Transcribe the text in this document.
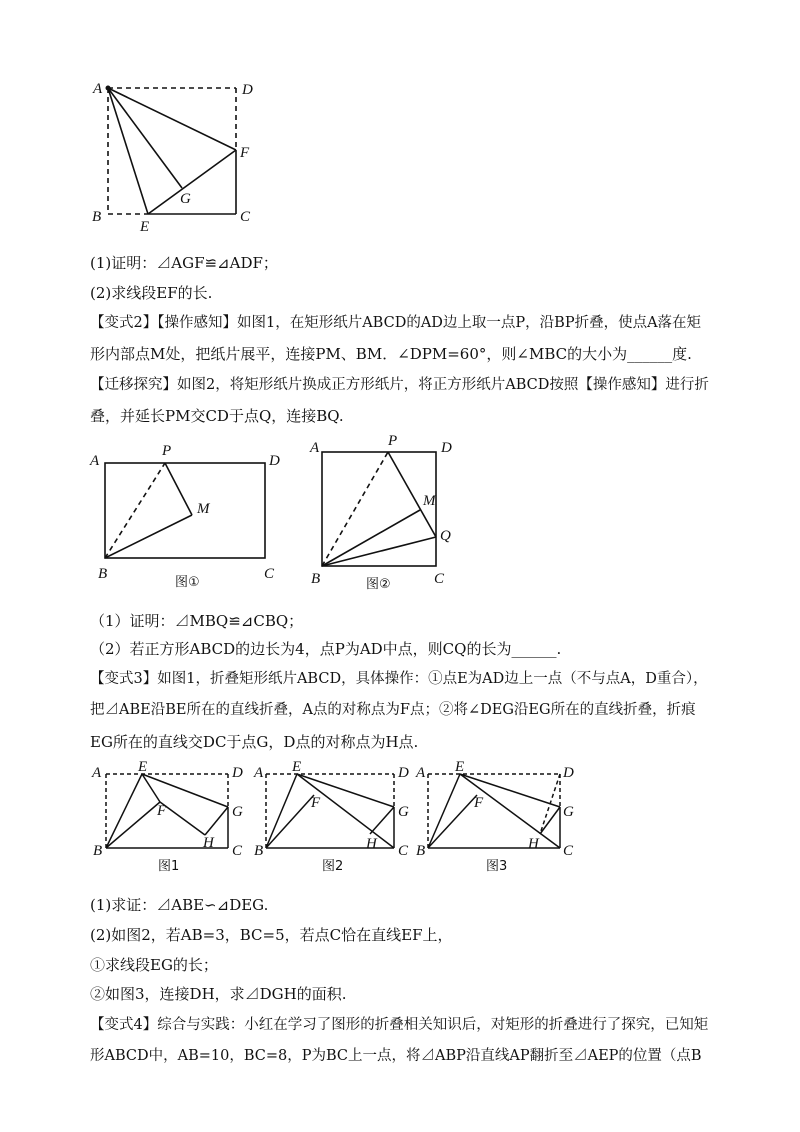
A	D
F
G
B
E
C
(1)证明：⊿AGF≌⊿ADF；
(2)求线段EF的长.
【变式2】【操作感知】如图1，在矩形纸片ABCD的AD边上取一点P，沿BP折叠，使点A落在矩
形内部点M处，把纸片展平，连接PM、BM．∠DPM=60°，则∠MBC的大小为______度.
【迁移探究】如图2，将矩形纸片换成正方形纸片，将正方形纸片ABCD按照【操作感知】进行折
叠，并延长PM交CD于点Q，连接BQ.
A
P
D
M
B	C
图①
A	P	D
M
Q
B	C
图②
（1）证明：⊿MBQ≌⊿CBQ；
（2）若正方形ABCD的边长为4，点P为AD中点，则CQ的长为______.
【变式3】如图1，折叠矩形纸片ABCD，具体操作：①点E为AD边上一点（不与点A，D重合），
把⊿ABE沿BE所在的直线折叠，A点的对称点为F点；②将∠DEG沿EG所在的直线折叠，折痕
EG所在的直线交DC于点G，D点的对称点为H点.
A E	D
F	G
H
B	C
图1
A E	D
F
G
H
B	C
图2
A E	D
F
G
H
B	C
图3
(1)求证：⊿ABE∽⊿DEG.
(2)如图2，若AB=3，BC=5，若点C恰在直线EF上，
①求线段EG的长；
②如图3，连接DH，求⊿DGH的面积.
【变式4】综合与实践：小红在学习了图形的折叠相关知识后，对矩形的折叠进行了探究，已知矩
形ABCD中，AB=10，BC=8，P为BC上一点，将⊿ABP沿直线AP翻折至⊿AEP的位置（点B
